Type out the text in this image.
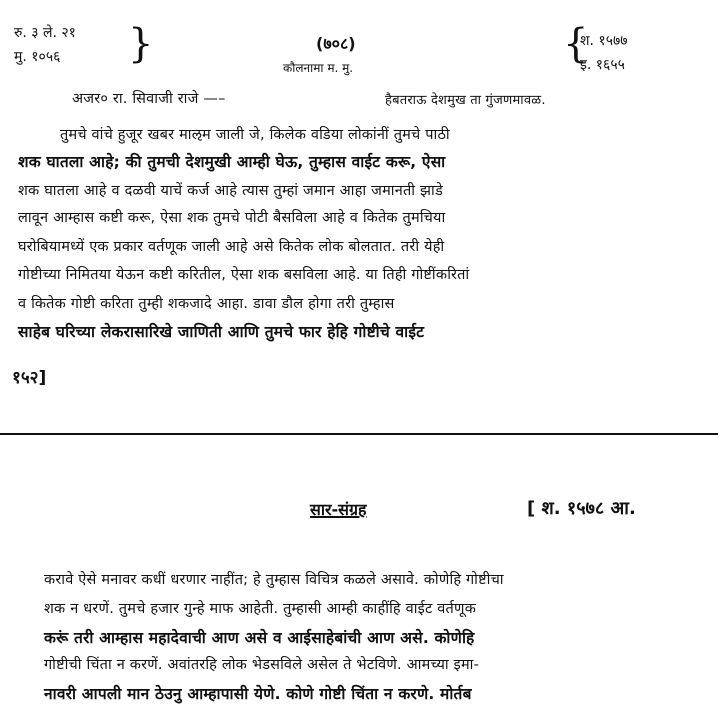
रु. ३ ले. २१
मु. १०५६ }	(७०८)
कौलनामा म. मु.
{
श. १५७७
इ. १६५५
अजर० रा. सिवाजी राजे —–	हैबतराऊ देशमुख ता गुंजणमावळ.
तुमचे वांचे हुजूर खबर माऌम जाली जे, किलेक वडिया लोकांनीं तुमचे पाठी
शक घातला आहे; की तुमची देशमुखी आम्ही घेऊ, तुम्हास वाईट करू, ऐसा
शक घातला आहे व दळवी याचें कर्ज आहे त्यास तुम्हां जमान आहा जमानती झाडे
लावून आम्हास कष्टी करू, ऐसा शक तुमचे पोटी बैसविला आहे व कितेक तुमचिया
घरोबियामध्यें एक प्रकार वर्तणूक जाली आहे असे कितेक लोक बोलतात. तरी येही
गोष्टीच्या निमितया येऊन कष्टी करितील, ऐसा शक बसविला आहे. या तिही गोष्टींकरितां
व कितेक गोष्टी करिता तुम्ही शकजादे आहा. डावा डौल होगा तरी तुम्हास
साहेब घरिच्या लेकरासारिखे जाणिती आणि तुमचे फार हेहि गोष्टीचे वाईट
१५२]
सार-संग्रह	[ श. १५७८ आ.
करावे ऐसे मनावर कधीं धरणार नाहींत; हे तुम्हास विचित्र कळले असावे. कोणेहि गोष्टीचा
शक न धरणें. तुमचे हजार गुन्हे माफ आहेती. तुम्हासी आम्ही काहींहि वाईट वर्तणूक
करूं तरी आम्हास महादेवाची आण असे व आईसाहेबांची आण असे. कोणेहि
गोष्टीची चिंता न करणें. अवांतरहि लोक भेडसविले असेल ते भेटविणे. आमच्या इमा-
नावरी आपली मान ठेउनु आम्हापासी येणे. कोणे गोष्टी चिंता न करणे. मोर्तब
